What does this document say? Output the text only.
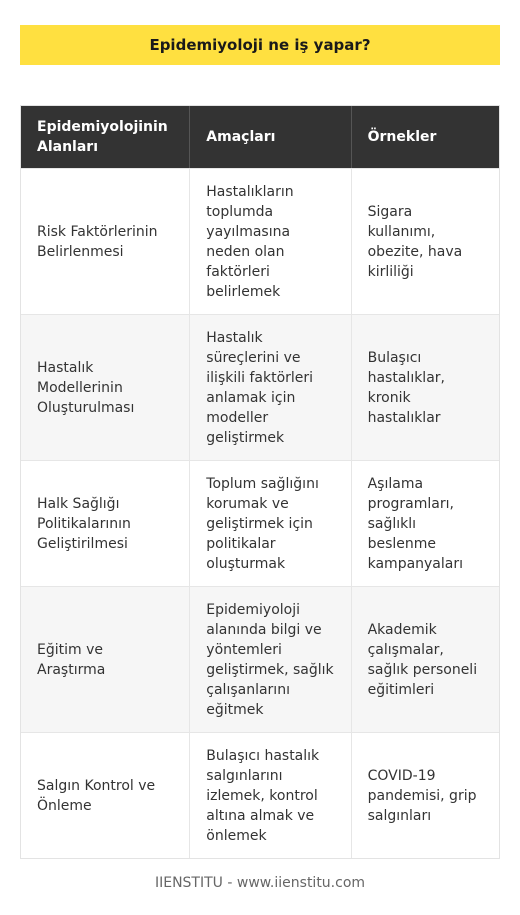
Epidemiyoloji ne iş yapar?
Epidemiyolojinin Alanları
Amaçları	Örnekler
Risk Faktörlerinin Belirlenmesi
Hastalıkların toplumda yayılmasına neden olan faktörleri belirlemek
Sigara kullanımı, obezite, hava kirliliği
Hastalık Modellerinin Oluşturulması
Hastalık süreçlerini ve ilişkili faktörleri anlamak için modeller geliştirmek
Bulaşıcı hastalıklar, kronik hastalıklar
Halk Sağlığı Politikalarının Geliştirilmesi
Toplum sağlığını korumak ve geliştirmek için politikalar oluşturmak
Aşılama programları, sağlıklı beslenme kampanyaları
Eğitim ve Araştırma
Epidemiyoloji alanında bilgi ve yöntemleri geliştirmek, sağlık çalışanlarını eğitmek
Akademik çalışmalar, sağlık personeli eğitimleri
Salgın Kontrol ve Önleme
Bulaşıcı hastalık salgınlarını izlemek, kontrol altına almak ve önlemek
COVID-19 pandemisi, grip salgınları
IIENSTITU - www.iienstitu.com
